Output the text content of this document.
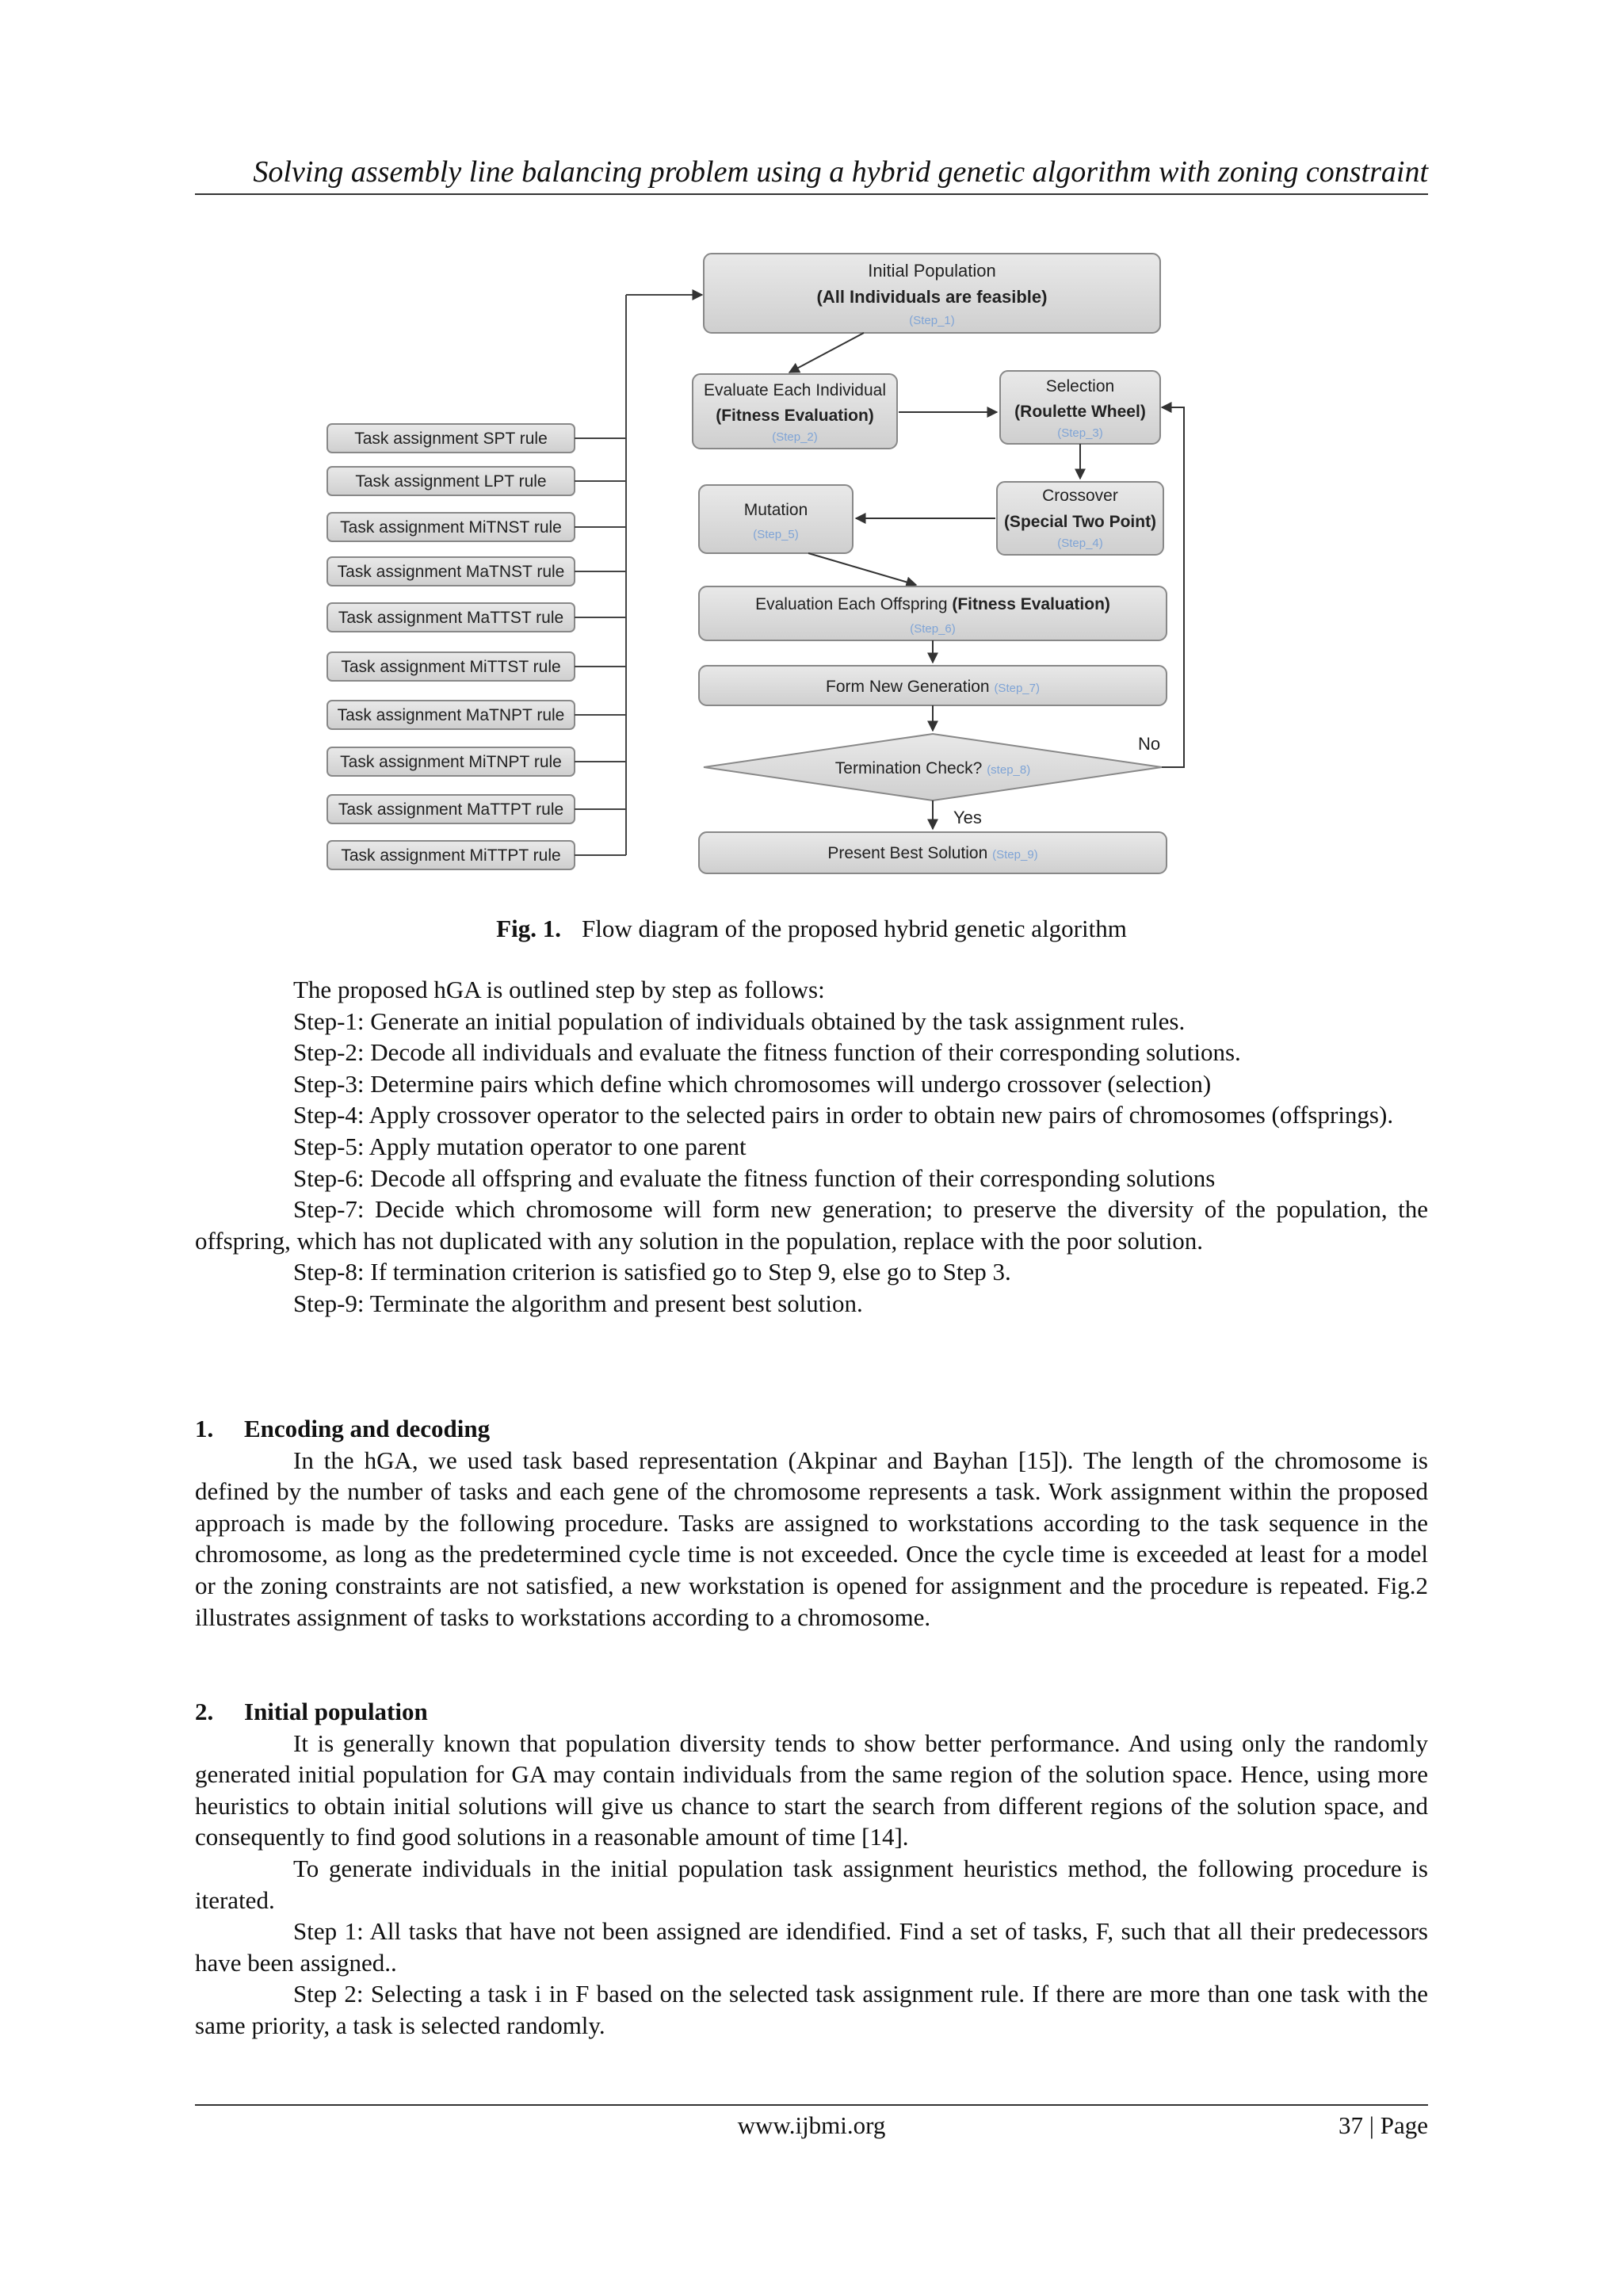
Solving assembly line balancing problem using a hybrid genetic algorithm with zoning constraint
Task assignment SPT rule
Task assignment LPT rule
Task assignment MiTNST rule
Task assignment MaTNST rule
Task assignment MaTTST rule
Task assignment MiTTST rule
Task assignment MaTNPT rule
Task assignment MiTNPT rule
Task assignment MaTTPT rule
Task assignment MiTTPT rule
Initial Population
(All Individuals are feasible)
(Step_1)
Evaluate Each Individual
(Fitness Evaluation)
(Step_2)
Selection
(Roulette Wheel)
(Step_3)
Crossover
(Special Two Point)
(Step_4)
Mutation
(Step_5)
Evaluation Each Offspring (Fitness Evaluation)
(Step_6)
Form New Generation (Step_7)
Termination Check? (step_8)
No
Yes
Present Best Solution (Step_9)
Fig. 1. Flow diagram of the proposed hybrid genetic algorithm

The proposed hGA is outlined step by step as follows:

Step-1: Generate an initial population of individuals obtained by the task assignment rules.

Step-2: Decode all individuals and evaluate the fitness function of their corresponding solutions.

Step-3: Determine pairs which define which chromosomes will undergo crossover (selection)

Step-4: Apply crossover operator to the selected pairs in order to obtain new pairs of chromosomes (offsprings).

Step-5: Apply mutation operator to one parent

Step-6: Decode all offspring and evaluate the fitness function of their corresponding solutions

Step-7: Decide which chromosome will form new generation; to preserve the diversity of the population, the offspring, which has not duplicated with any solution in the population, replace with the poor solution.

Step-8: If termination criterion is satisfied go to Step 9, else go to Step 3.

Step-9: Terminate the algorithm and present best solution.

1. Encoding and decoding

In the hGA, we used task based representation (Akpinar and Bayhan [15]). The length of the chromosome is defined by the number of tasks and each gene of the chromosome represents a task. Work assignment within the proposed approach is made by the following procedure. Tasks are assigned to workstations according to the task sequence in the chromosome, as long as the predetermined cycle time is not exceeded. Once the cycle time is exceeded at least for a model or the zoning constraints are not satisfied, a new workstation is opened for assignment and the procedure is repeated. Fig.2 illustrates assignment of tasks to workstations according to a chromosome.

2. Initial population

It is generally known that population diversity tends to show better performance. And using only the randomly generated initial population for GA may contain individuals from the same region of the solution space. Hence, using more heuristics to obtain initial solutions will give us chance to start the search from different regions of the solution space, and consequently to find good solutions in a reasonable amount of time [14].

To generate individuals in the initial population task assignment heuristics method, the following procedure is iterated.

Step 1: All tasks that have not been assigned are idendified. Find a set of tasks, F, such that all their predecessors have been assigned..

Step 2: Selecting a task i in F based on the selected task assignment rule. If there are more than one task with the same priority, a task is selected randomly.

www.ijbmi.org	37 | Page
